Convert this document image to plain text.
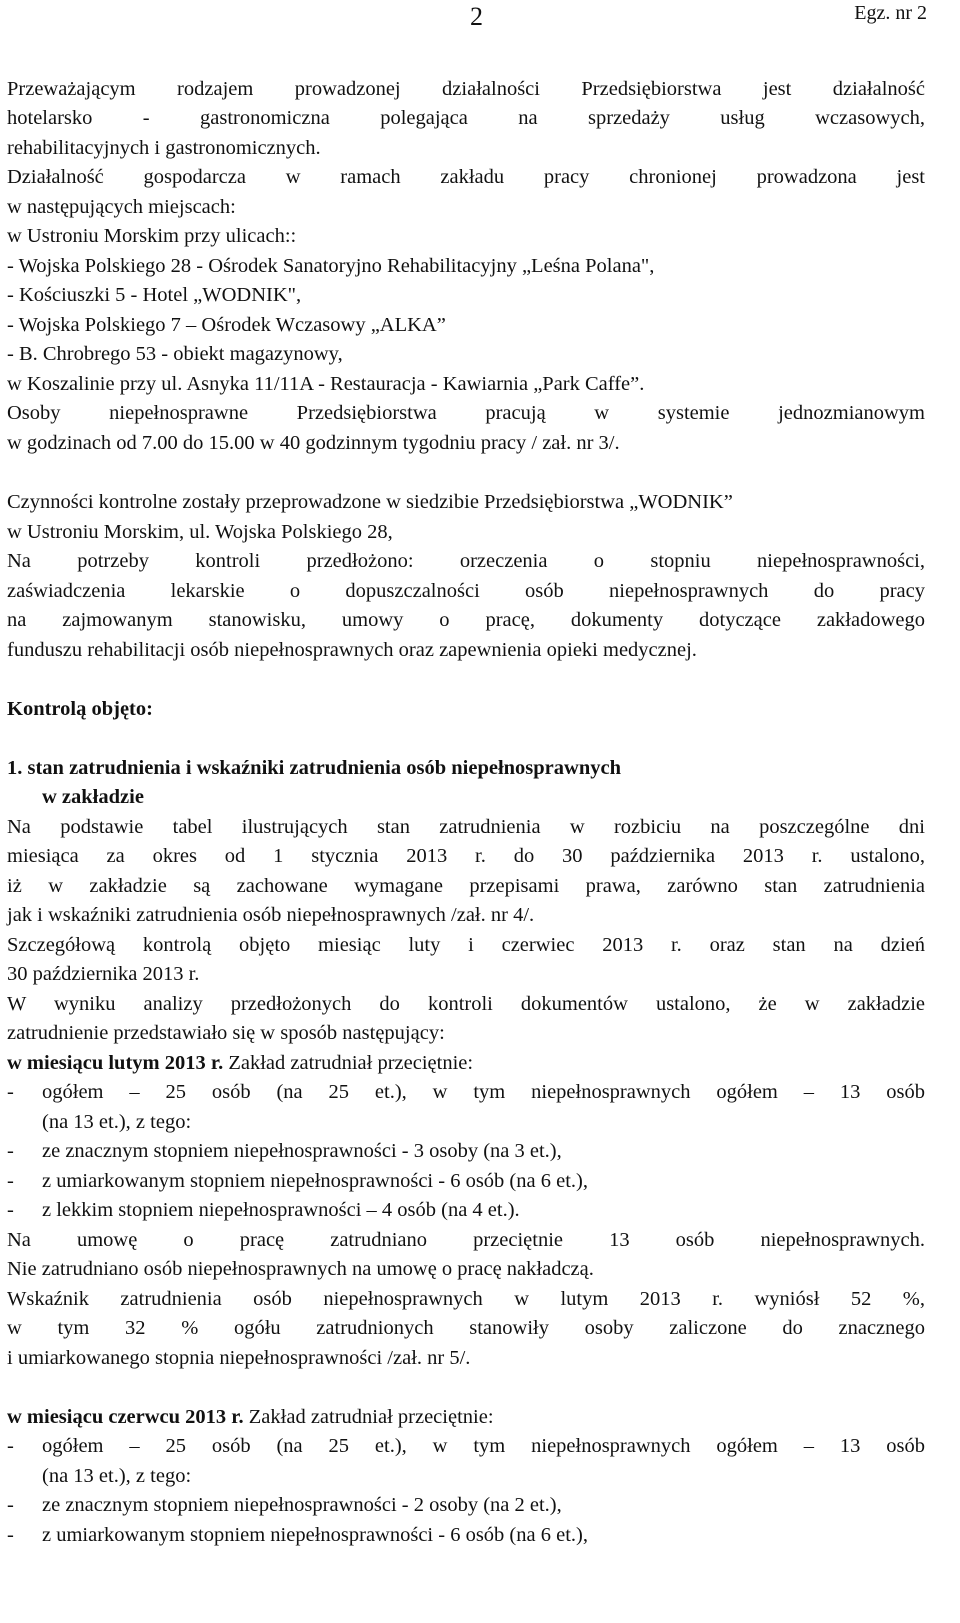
2	Egz. nr 2
Przeważającym rodzajem prowadzonej działalności Przedsiębiorstwa jest działalność
hotelarsko - gastronomiczna polegająca na sprzedaży usług wczasowych,
rehabilitacyjnych i gastronomicznych.
Działalność gospodarcza w ramach zakładu pracy chronionej prowadzona jest
w następujących miejscach:
w Ustroniu Morskim przy ulicach::
- Wojska Polskiego 28 - Ośrodek Sanatoryjno Rehabilitacyjny „Leśna Polana",
- Kościuszki 5 - Hotel „WODNIK",
- Wojska Polskiego 7 – Ośrodek Wczasowy „ALKA”
- B. Chrobrego 53 - obiekt magazynowy,
w Koszalinie przy ul. Asnyka 11/11A - Restauracja - Kawiarnia „Park Caffe”.
Osoby niepełnosprawne Przedsiębiorstwa pracują w systemie jednozmianowym
w godzinach od 7.00 do 15.00 w 40 godzinnym tygodniu pracy / zał. nr 3/.
Czynności kontrolne zostały przeprowadzone w siedzibie Przedsiębiorstwa „WODNIK”
w Ustroniu Morskim, ul. Wojska Polskiego 28,
Na potrzeby kontroli przedłożono: orzeczenia o stopniu niepełnosprawności,
zaświadczenia lekarskie o dopuszczalności osób niepełnosprawnych do pracy
na zajmowanym stanowisku, umowy o pracę, dokumenty dotyczące zakładowego
funduszu rehabilitacji osób niepełnosprawnych oraz zapewnienia opieki medycznej.
Kontrolą objęto:
1. stan zatrudnienia i wskaźniki zatrudnienia osób niepełnosprawnych
w zakładzie
Na podstawie tabel ilustrujących stan zatrudnienia w rozbiciu na poszczególne dni
miesiąca za okres od 1 stycznia 2013 r. do 30 października 2013 r. ustalono,
iż w zakładzie są zachowane wymagane przepisami prawa, zarówno stan zatrudnienia
jak i wskaźniki zatrudnienia osób niepełnosprawnych /zał. nr 4/.
Szczegółową kontrolą objęto miesiąc luty i czerwiec 2013 r. oraz stan na dzień
30 października 2013 r.
W wyniku analizy przedłożonych do kontroli dokumentów ustalono, że w zakładzie
zatrudnienie przedstawiało się w sposób następujący:
w miesiącu lutym 2013 r. Zakład zatrudniał przeciętnie:
- ogółem – 25 osób (na 25 et.), w tym niepełnosprawnych ogółem – 13 osób
(na 13 et.), z tego:
- ze znacznym stopniem niepełnosprawności - 3 osoby (na 3 et.),
- z umiarkowanym stopniem niepełnosprawności - 6 osób (na 6 et.),
- z lekkim stopniem niepełnosprawności – 4 osób (na 4 et.).
Na umowę o pracę zatrudniano przeciętnie 13 osób niepełnosprawnych.
Nie zatrudniano osób niepełnosprawnych na umowę o pracę nakładczą.
Wskaźnik zatrudnienia osób niepełnosprawnych w lutym 2013 r. wyniósł 52 %,
w tym 32 % ogółu zatrudnionych stanowiły osoby zaliczone do znacznego
i umiarkowanego stopnia niepełnosprawności /zał. nr 5/.
w miesiącu czerwcu 2013 r. Zakład zatrudniał przeciętnie:
- ogółem – 25 osób (na 25 et.), w tym niepełnosprawnych ogółem – 13 osób
(na 13 et.), z tego:
- ze znacznym stopniem niepełnosprawności - 2 osoby (na 2 et.),
- z umiarkowanym stopniem niepełnosprawności - 6 osób (na 6 et.),
